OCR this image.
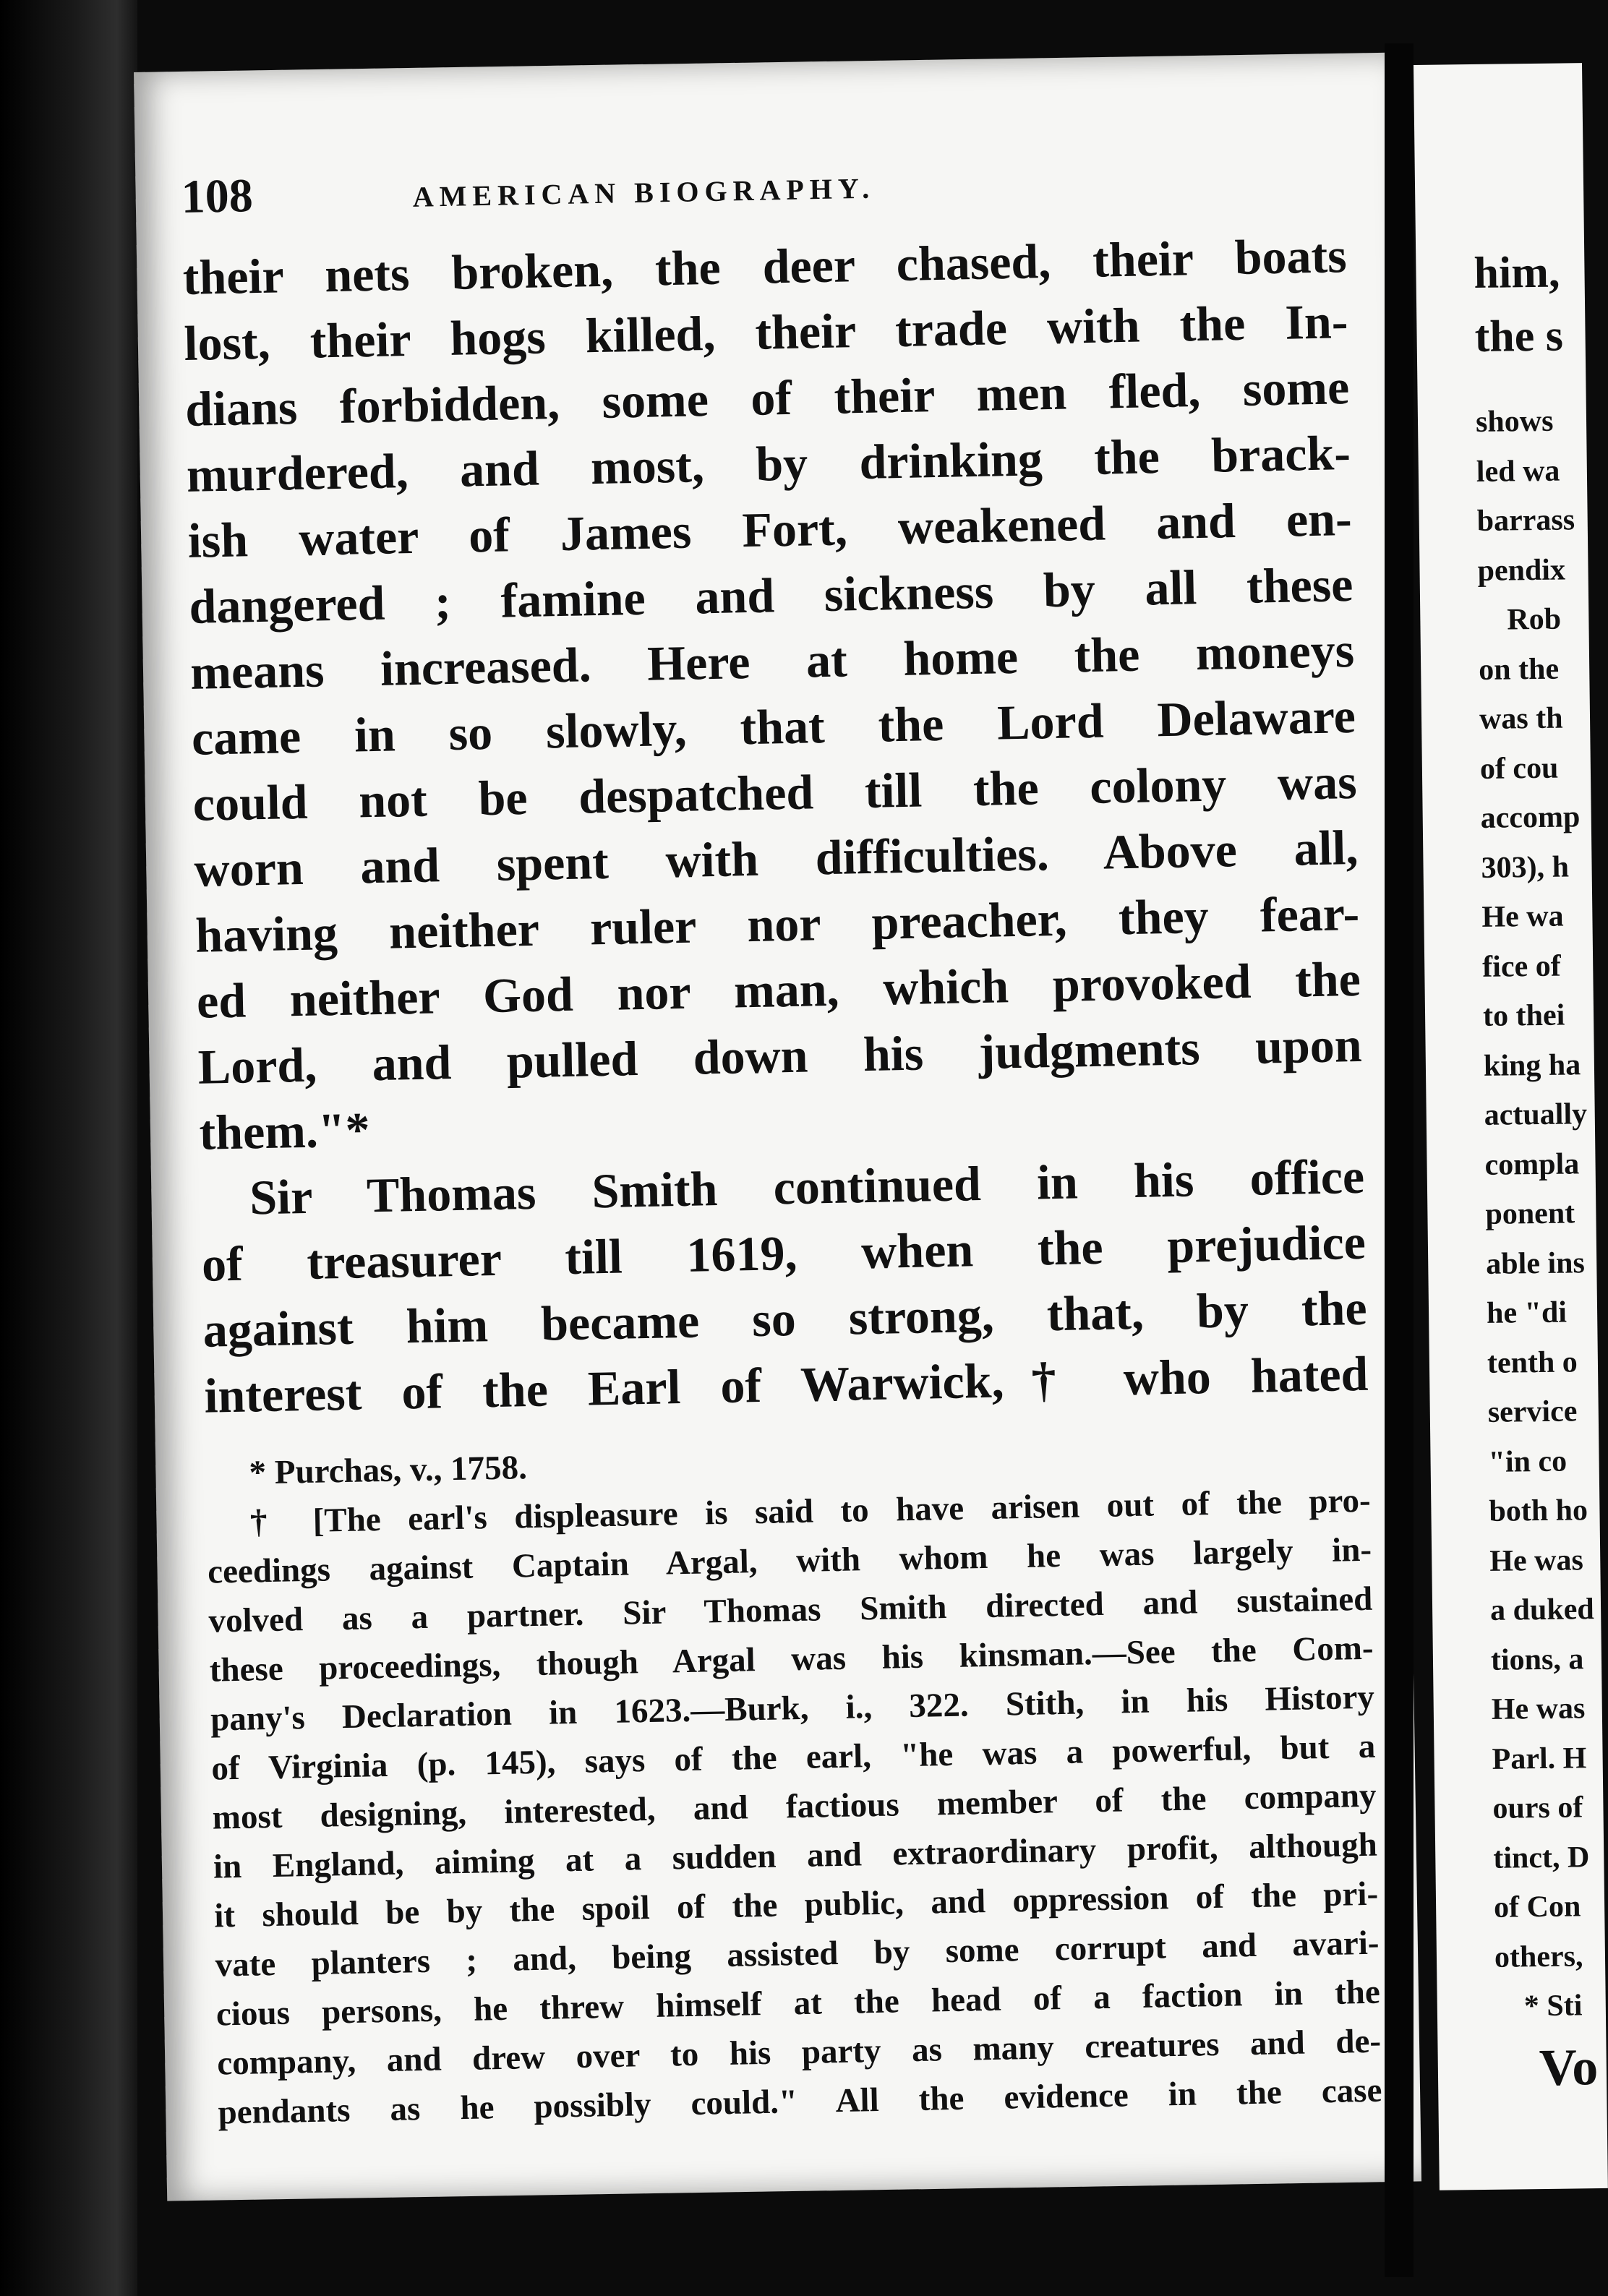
108	AMERICAN BIOGRAPHY.
their nets broken, the deer chased, their boats
lost, their hogs killed, their trade with the In-
dians forbidden, some of their men fled, some
murdered, and most, by drinking the brack-
ish water of James Fort, weakened and en-
dangered ; famine and sickness by all these
means increased. Here at home the moneys
came in so slowly, that the Lord Delaware
could not be despatched till the colony was
worn and spent with difficulties. Above all,
having neither ruler nor preacher, they fear-
ed neither God nor man, which provoked the
Lord, and pulled down his judgments upon
them."*
Sir Thomas Smith continued in his office
of treasurer till 1619, when the prejudice
against him became so strong, that, by the
interest of the Earl of Warwick,† who hated
* Purchas, v., 1758.
† [The earl's displeasure is said to have arisen out of the pro-
ceedings against Captain Argal, with whom he was largely in-
volved as a partner. Sir Thomas Smith directed and sustained
these proceedings, though Argal was his kinsman.—See the Com-
pany's Declaration in 1623.—Burk, i., 322. Stith, in his History
of Virginia (p. 145), says of the earl, "he was a powerful, but a
most designing, interested, and factious member of the company
in England, aiming at a sudden and extraordinary profit, although
it should be by the spoil of the public, and oppression of the pri-
vate planters ; and, being assisted by some corrupt and avari-
cious persons, he threw himself at the head of a faction in the
company, and drew over to his party as many creatures and de-
pendants as he possibly could." All the evidence in the case
him,
the s
shows
led wa
barrass
pendix
Rob
on the
was th
of cou
accomp
303), h
He wa
fice of
to thei
king ha
actually
compla
ponent
able ins
he "di
tenth o
service
"in co
both ho
He was
a duked
tions, a
He was
Parl. H
ours of
tinct, D
of Con
others,
* Sti
Vo
